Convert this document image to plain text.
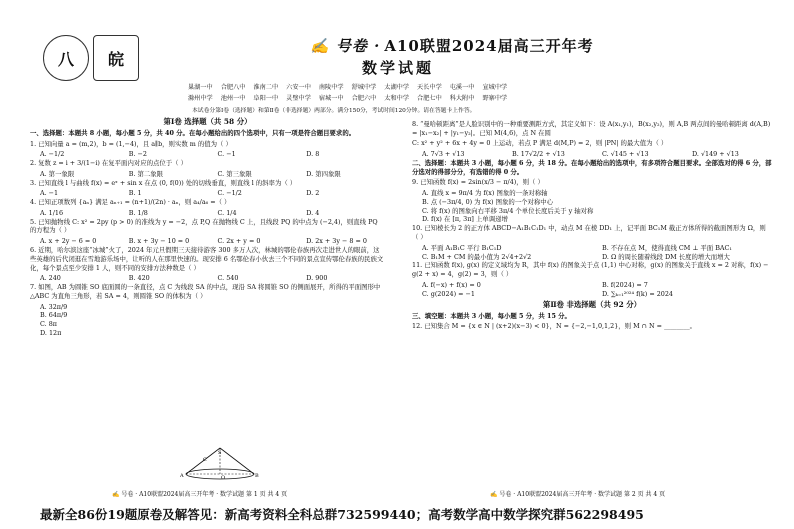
八 皖
✍ 号卷 · A10联盟2024届高三开年考
数学试题
巢湖一中 合肥八中 淮南二中 六安一中 南陵中学 舒城中学 太湖中学 天长中学 屯溪一中 宣城中学
滁州中学 池州一中 阜阳一中 灵璧中学 宿城一中 合肥六中 太和中学 合肥七中 科大附中 野寨中学
本试卷分第Ⅰ卷（选择题）和第Ⅱ卷（非选择题）两部分。满分150分，考试时间120分钟。请在答题卡上作答。
第Ⅰ卷 选择题（共 58 分）

一、选择题：本题共 8 小题，每小题 5 分，共 40 分。在每小题给出的四个选项中，只有一项是符合题目要求的。

1. 已知向量 a = (m,2)，b = (1,−4)，且 a∥b，则实数 m 的值为（ ）

A. −1/2	B. −2	C. −1	D. 8

2. 复数 z = i + 3/(1−i) 在复平面内对应的点位于（ ）

A. 第一象限	B. 第二象限	C. 第三象限	D. 第四象限

3. 已知直线 l 与曲线 f(x) = eˣ + sin x 在点 (0, f(0)) 处的切线垂直，则直线 l 的斜率为（ ）

A. −1	B. 1	C. −1/2	D. 2

4. 已知正项数列 {aₙ} 满足 aₙ₊₁ = (n+1)/(2n) · aₙ，则 a₄/a₆ =（ ）

A. 1/16	B. 1/8	C. 1/4	D. 4

5. 已知抛物线 C: x² = 2py (p > 0) 的准线为 y = −2，点 P,Q 在抛物线 C 上，且线段 PQ 的中点为 (−2,4)，则直线 PQ 的方程为（ ）

A. x + 2y − 6 = 0	B. x + 3y − 10 = 0	C. 2x + y = 0	D. 2x + 3y − 8 = 0

6. 近期，哈尔滨这座“冰城”火了，2024 年元旦假期三天接待游客 300 多万人次，林城的鄂伦春族再次走进世人的眼前，这些英雄的后代闭逛在雪地游乐场中，让听的人在那里快速的。现安排 6 名鄂伦春小伙去三个不同的景点宣传鄂伦春族的民族文化，每个景点至少安排 1 人，则不同的安排方法种数是（ ）

A. 240	B. 420	C. 540	D. 900

7. 如图，AB 为圆锥 SO 底面圆的一条直径，点 C 为线段 SA 的中点，现沿 SA 将圆锥 SO 的侧面展开，所得的平面图形中 △ABC 为直角三角形，若 SA = 4，则圆锥 SO 的体积为（ ）

A. 32π/9
B. 64π/9
C. 8π
D. 12π
S
A	B
C
O

8. “曼哈顿距离”是人脸识别中的一种重要测距方式，其定义如下：设 A(x₁,y₁)，B(x₂,y₂)，则 A,B 两点间的曼哈顿距离 d(A,B) = |x₁−x₂| + |y₁−y₂|。已知 M(4,6)，点 N 在圆

C: x² + y² + 6x + 4y = 0 上运动，若点 P 满足 d(M,P) = 2，则 |PN| 的最大值为（ ）

A. 7√3 + √13	B. 17√2/2 + √13	C. √145 + √13	D. √149 + √13

二、选择题：本题共 3 小题，每小题 6 分，共 18 分。在每小题给出的选项中，有多项符合题目要求。全部选对的得 6 分，部分选对的得部分分，有选错的得 0 分。

9. 已知函数 f(x) = 2sin(x/3 − π/4)，则（ ）

A. 直线 x = 9π/4 为 f(x) 图象的一条对称轴
B. 点 (−3π/4, 0) 为 f(x) 图象的一个对称中心
C. 将 f(x) 的图象向右平移 3π/4 个单位长度后关于 y 轴对称
D. f(x) 在 [π, 3π] 上单调递增

10. 已知棱长为 2 的正方体 ABCD−A₁B₁C₁D₁ 中，动点 M 在棱 DD₁ 上，记平面 BC₁M 截正方体所得的截面图形为 Ω，则（ ）

A. 平面 A₁B₁C 平行 B₁C₁D	B. 不存在点 M，使得直线 CM ⊥ 平面 BAC₁
C. B₁M + CM 的最小值为 2√4+2√2	D. Ω 的周长随着线段 DM 长度的增大而增大

11. 已知函数 f(x), g(x) 的定义域均为 R，其中 f(x) 的图象关于点 (1,1) 中心对称，g(x) 的图象关于直线 x = 2 对称，f(x) − g(2 + x) = 4，g(2) = 3，则（ ）

A. f(−x) + f(x) = 0	B. f(2024) = 7
C. g(2024) = −1	D. ∑ₖ₌₁²⁰²⁴ f(k) = 2024
第Ⅱ卷 非选择题（共 92 分）

三、填空题：本题共 3 小题，每小题 5 分，共 15 分。

12. 已知集合 M = {x ∈ N | (x+2)(x−3) < 0}，N = {−2,−1,0,1,2}，则 M ∩ N = ________。

✍ 号卷 · A10联盟2024届高三开年考 · 数学试题 第 1 页 共 4 页	✍ 号卷 · A10联盟2024届高三开年考 · 数学试题 第 2 页 共 4 页
最新全86份19题原卷及解答见：新高考资料全科总群732599440；高考数学高中数学探究群562298495
